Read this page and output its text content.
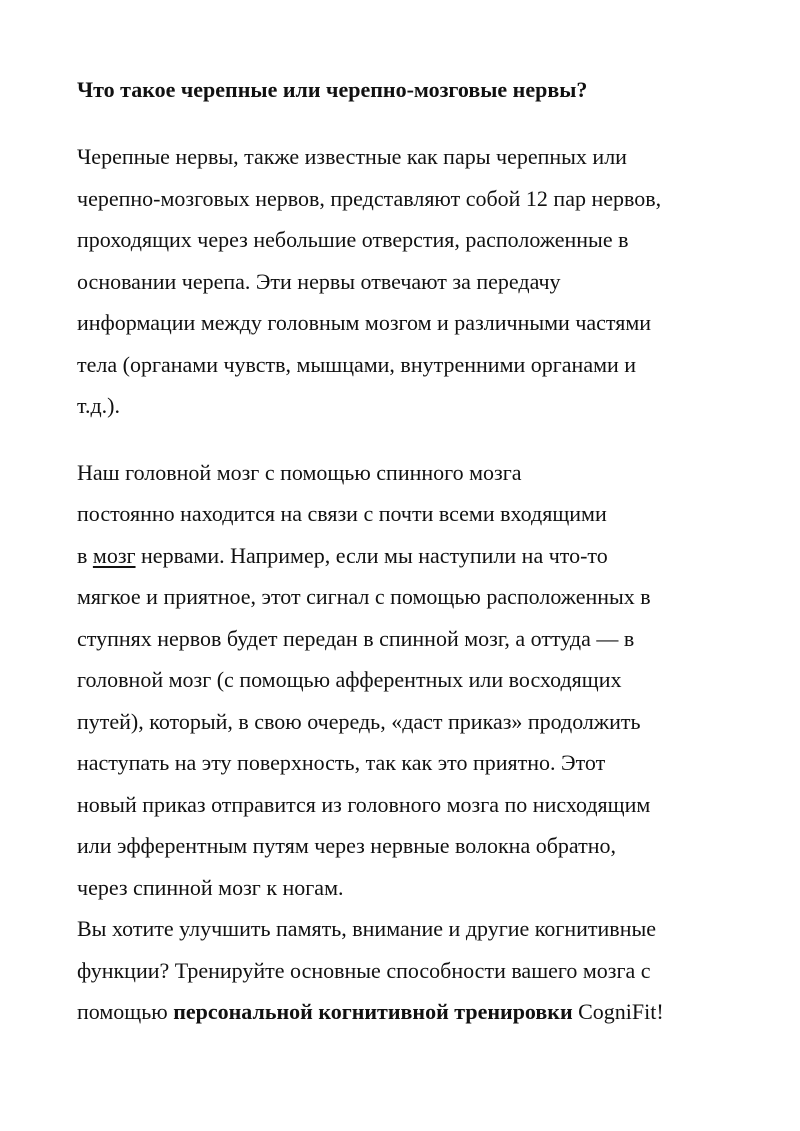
Что такое черепные или черепно-мозговые нервы?

Черепные нервы, также известные как пары черепных или
черепно-мозговых нервов, представляют собой 12 пар нервов,
проходящих через небольшие отверстия, расположенные в
основании черепа. Эти нервы отвечают за передачу
информации между головным мозгом и различными частями
тела (органами чувств, мышцами, внутренними органами и
т.д.).

Наш головной мозг с помощью спинного мозга
постоянно находится на связи с почти всеми входящими
в мозг нервами. Например, если мы наступили на что-то
мягкое и приятное, этот сигнал с помощью расположенных в
ступнях нервов будет передан в спинной мозг, а оттуда — в
головной мозг (с помощью афферентных или восходящих
путей), который, в свою очередь, «даст приказ» продолжить
наступать на эту поверхность, так как это приятно. Этот
новый приказ отправится из головного мозга по нисходящим
или эфферентным путям через нервные волокна обратно,
через спинной мозг к ногам.
Вы хотите улучшить память, внимание и другие когнитивные
функции? Тренируйте основные способности вашего мозга с
помощью персональной когнитивной тренировки CogniFit!
